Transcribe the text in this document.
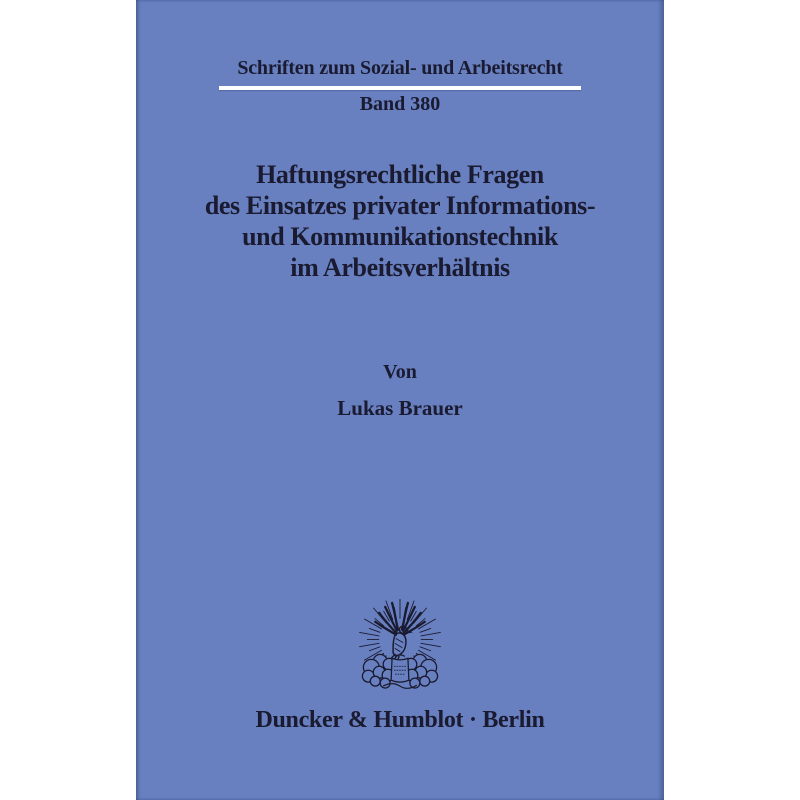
Schriften zum Sozial- und Arbeitsrecht
Band 380
Haftungsrechtliche Fragen
des Einsatzes privater Informations-
und Kommunikationstechnik
im Arbeitsverhältnis
Von
Lukas Brauer
Duncker & Humblot · Berlin
